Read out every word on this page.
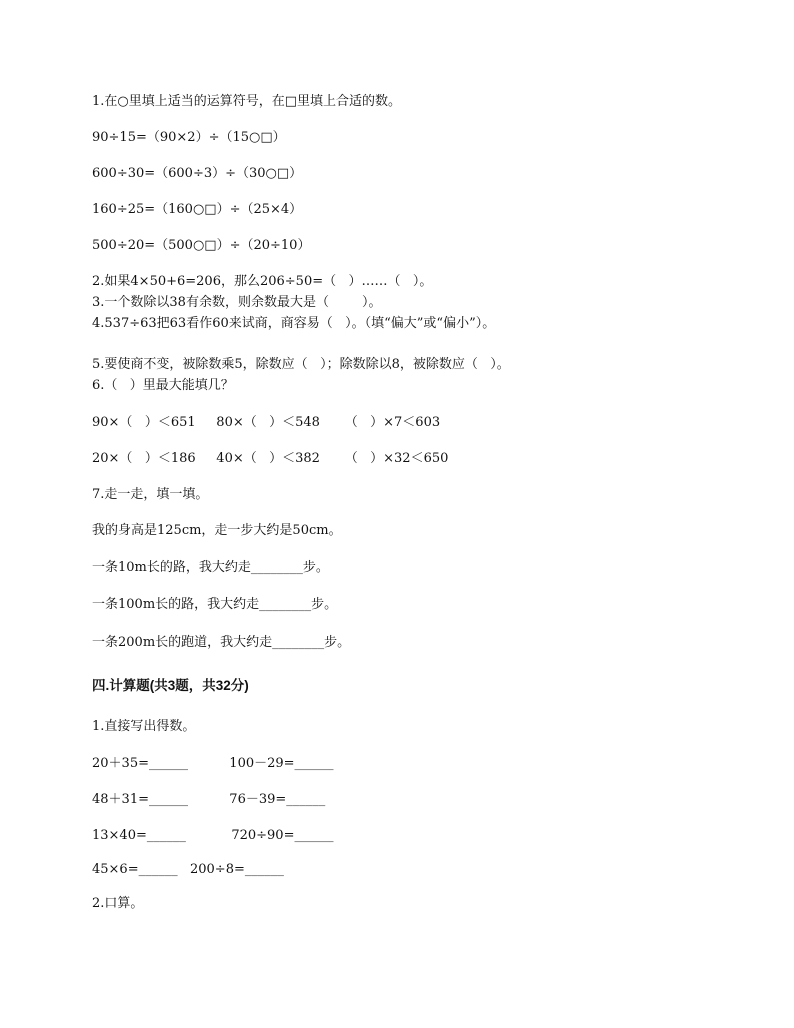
1.在○里填上适当的运算符号，在□里填上合适的数。
90÷15=（90×2）÷（15○□）
600÷30=（600÷3）÷（30○□）
160÷25=（160○□）÷（25×4）
500÷20=（500○□）÷（20÷10）
2.如果4×50+6=206，那么206÷50=（   ）……（   ）。
3.一个数除以38有余数，则余数最大是（        ）。
4.537÷63把63看作60来试商，商容易（   ）。（填“偏大”或“偏小”）。
5.要使商不变，被除数乘5，除数应（   ）；除数除以8，被除数应（   ）。
6.（   ）里最大能填几？
90×（   ）＜651     80×（   ）＜548      （   ）×7＜603
20×（   ）＜186     40×（   ）＜382      （   ）×32＜650
7.走一走，填一填。
我的身高是125cm，走一步大约是50cm。
一条10m长的路，我大约走________步。
一条100m长的路，我大约走________步。
一条200m长的跑道，我大约走________步。
四.计算题(共3题，共32分)
1.直接写出得数。
20＋35=______          100－29=______
48＋31=______          76－39=______
13×40=______           720÷90=______
45×6=______   200÷8=______
2.口算。
